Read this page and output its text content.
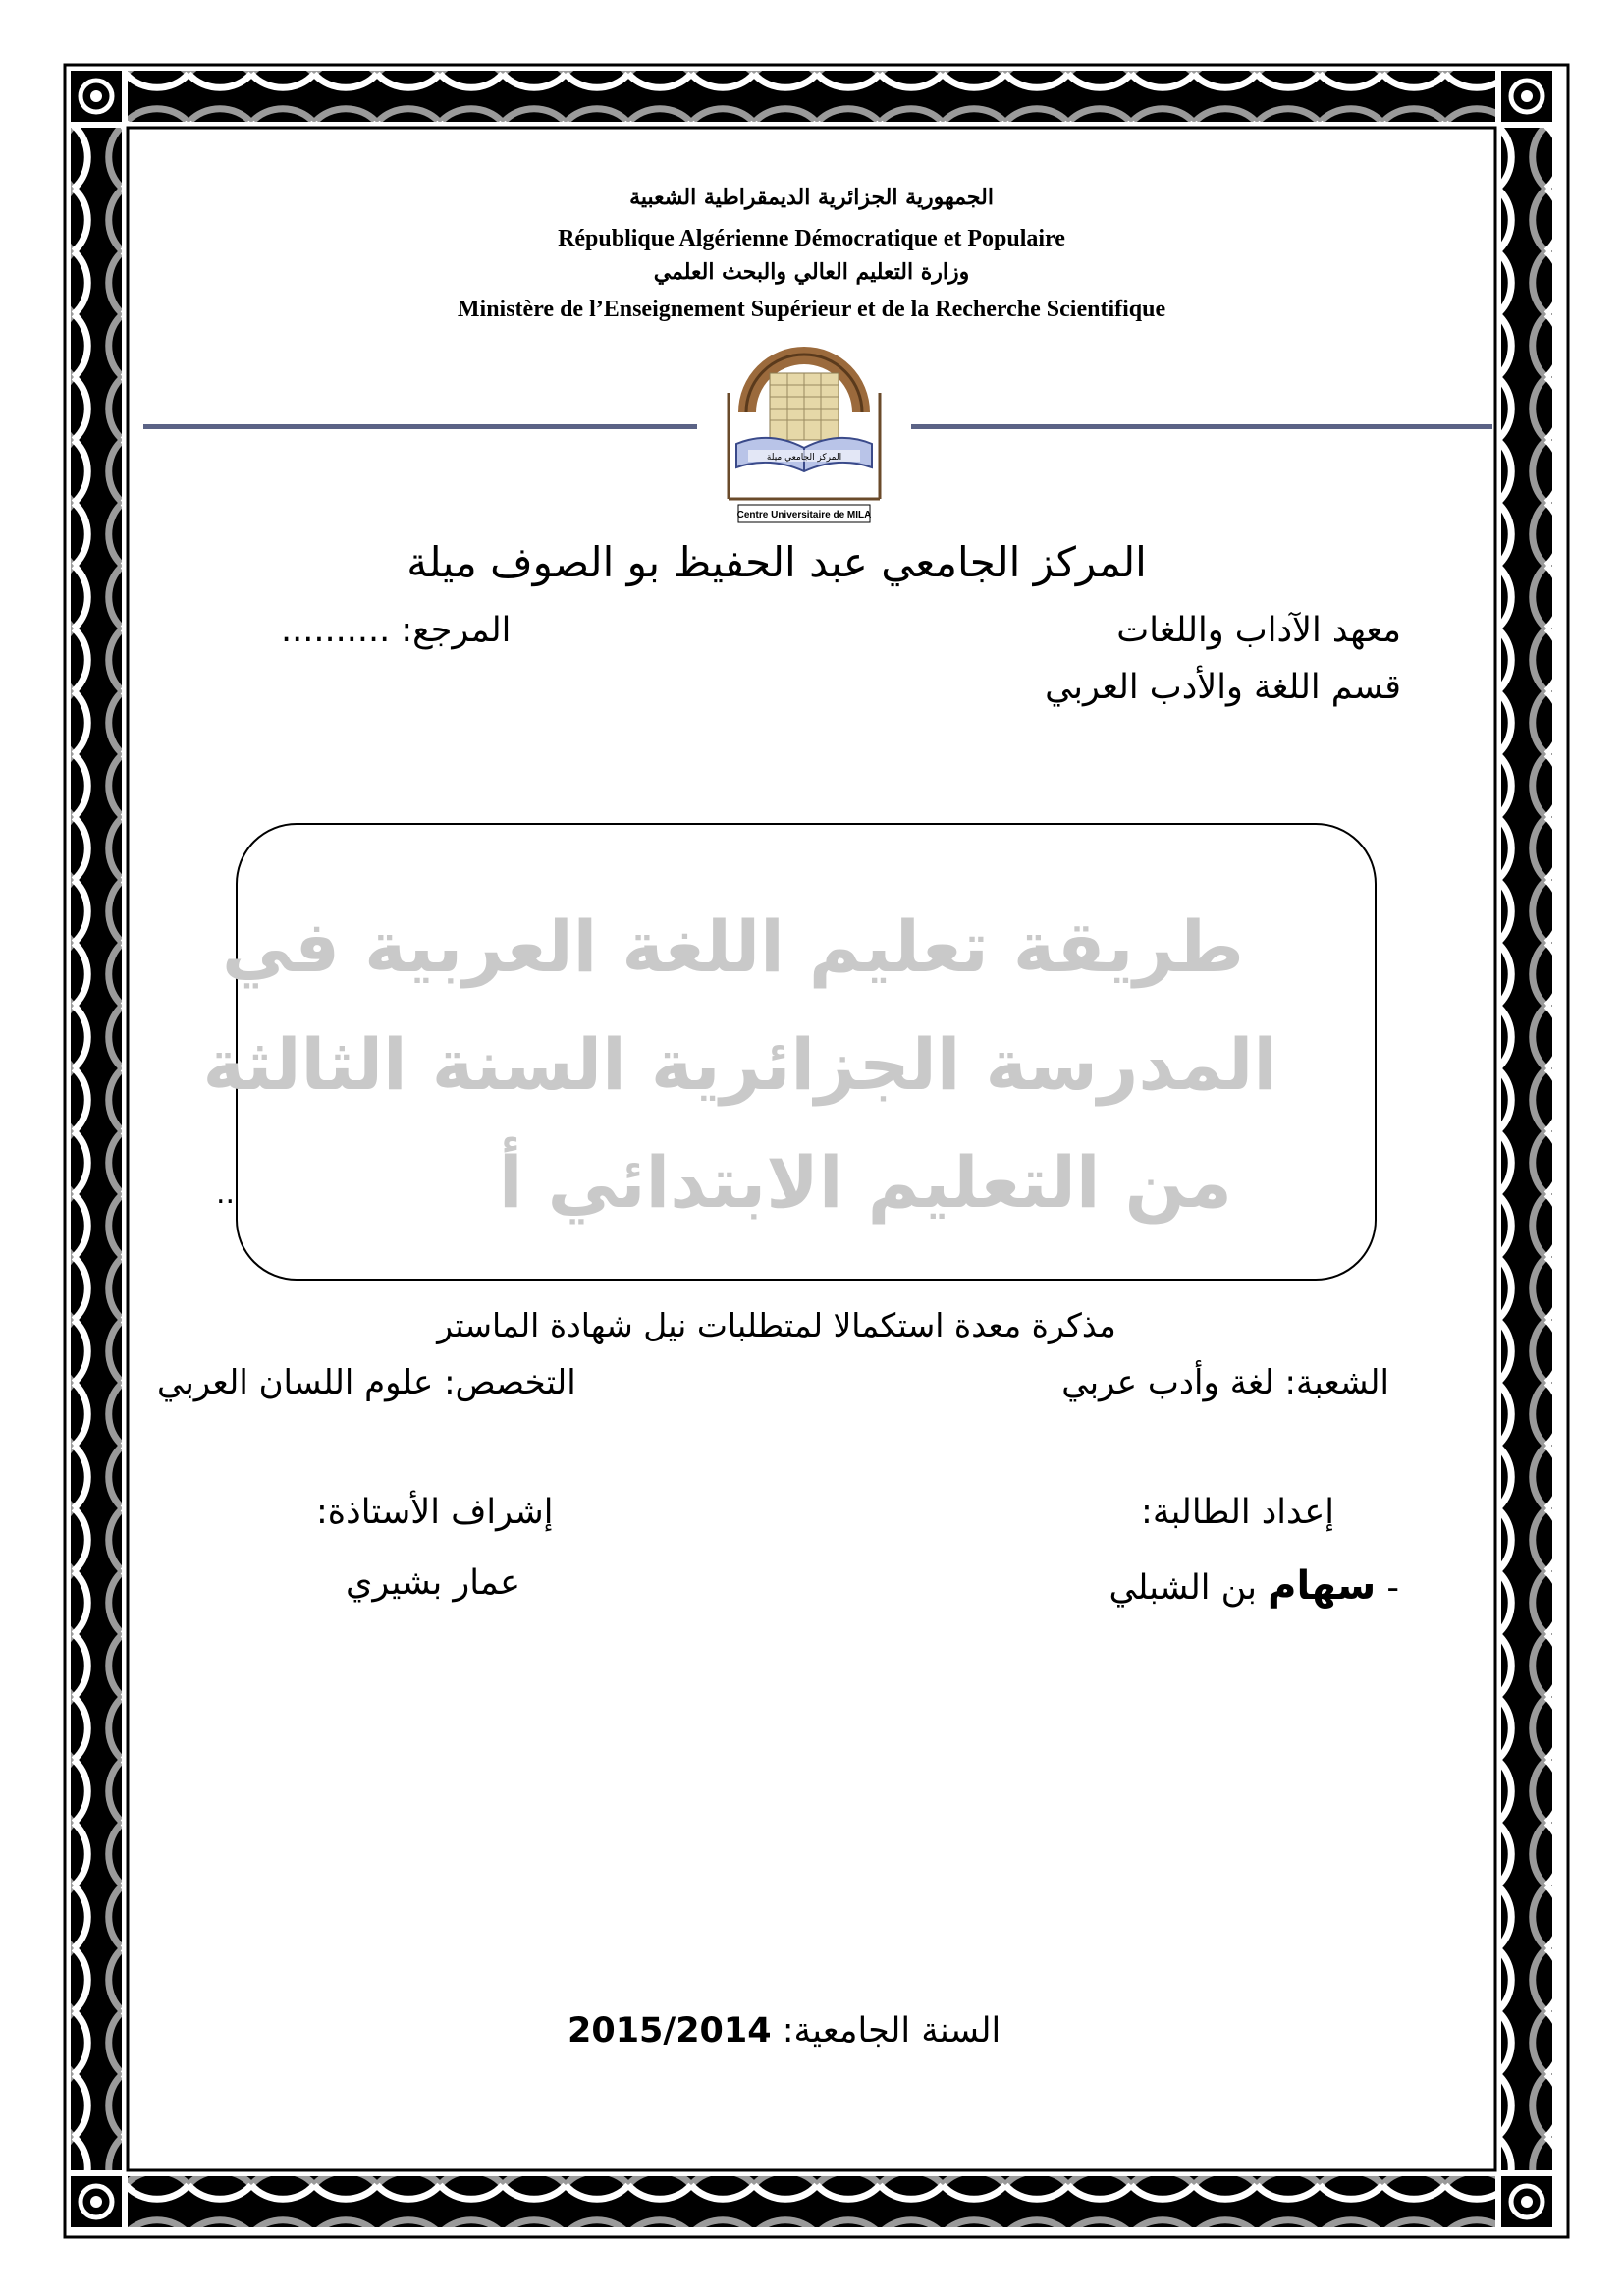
الجمهورية الجزائرية الديمقراطية الشعبية
République Algérienne Démocratique et Populaire
وزارة التعليم العالي والبحث العلمي
Ministère de l’Enseignement Supérieur et de la Recherche Scientifique
المركز الجامعي ميلة
Centre Universitaire de MILA
المركز الجامعي عبد الحفيظ بو الصوف ميلة
معهد الآداب واللغات
المرجع: ..........
قسم اللغة والأدب العربي
طريقة تعليم اللغة العربية في
المدرسة الجزائرية السنة الثالثة
من التعليم الابتدائي أ
..
مذكرة معدة استكمالا لمتطلبات نيل شهادة الماستر
الشعبة: لغة وأدب عربي
التخصص: علوم اللسان العربي
إعداد الطالبة:
إشراف الأستاذة:
- سهام بن الشبلي
عمار بشيري
السنة الجامعية: 2015/2014
